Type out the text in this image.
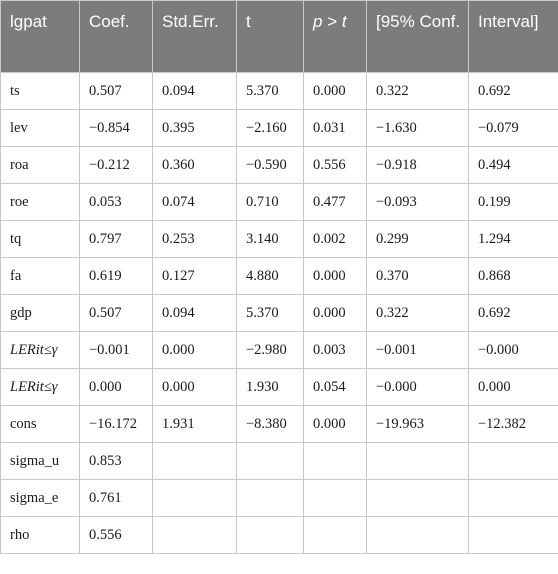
lgpat	Coef.	Std.Err.	t	p > t	[95% Conf.	Interval]
ts	0.507	0.094	5.370	0.000	0.322	0.692
lev	−0.854	0.395	−2.160	0.031	−1.630	−0.079
roa	−0.212	0.360	−0.590	0.556	−0.918	0.494
roe	0.053	0.074	0.710	0.477	−0.093	0.199
tq	0.797	0.253	3.140	0.002	0.299	1.294
fa	0.619	0.127	4.880	0.000	0.370	0.868
gdp	0.507	0.094	5.370	0.000	0.322	0.692
LERit≤γ	−0.001	0.000	−2.980	0.003	−0.001	−0.000
LERit≤γ	0.000	0.000	1.930	0.054	−0.000	0.000
cons	−16.172	1.931	−8.380	0.000	−19.963	−12.382
sigma_u	0.853					
sigma_e	0.761					
rho	0.556					
